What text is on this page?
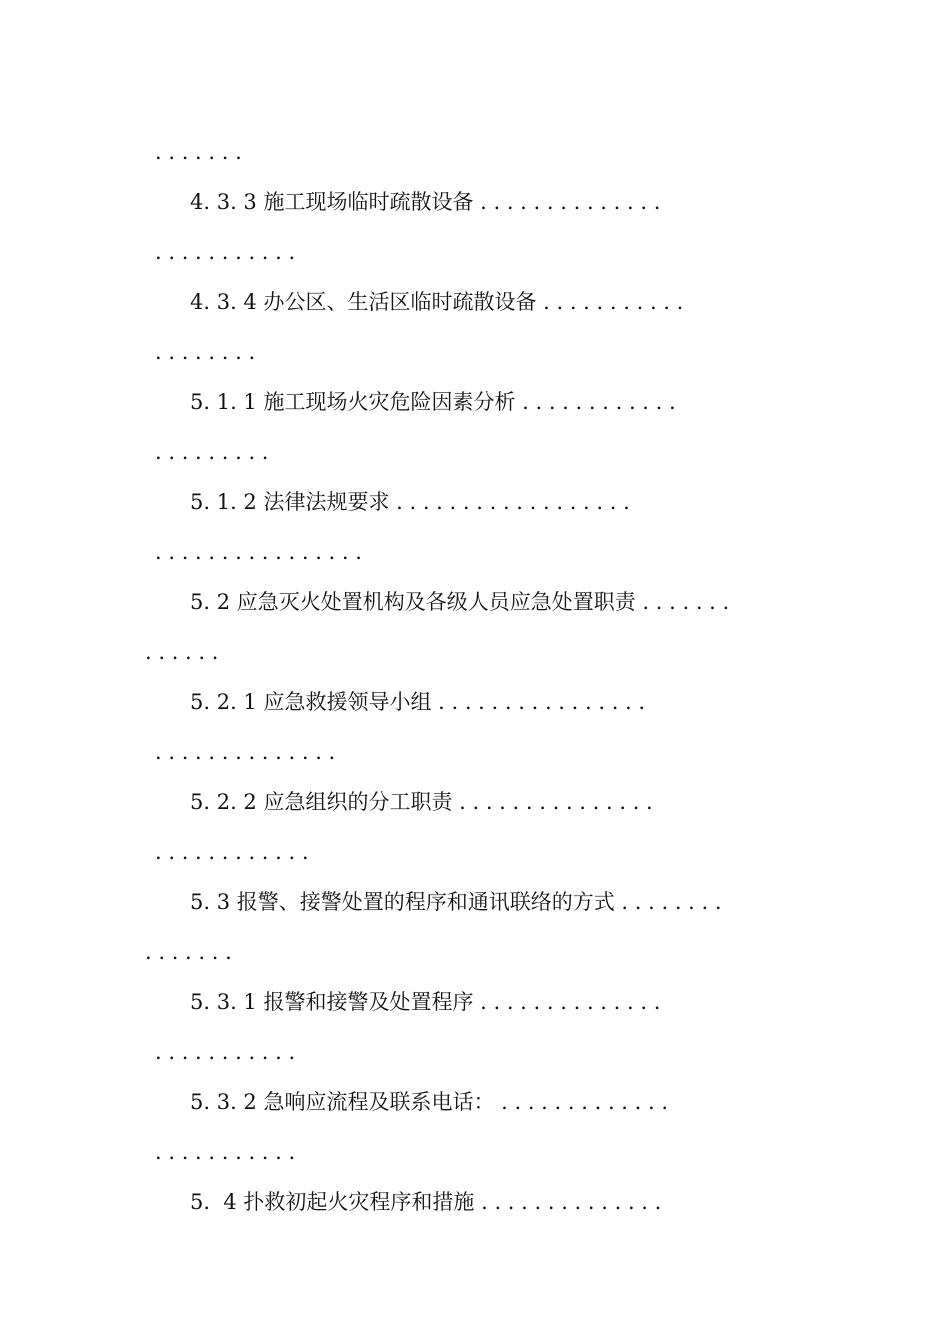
. . . . . . .
4. 3. 3 施工现场临时疏散设备 . . . . . . . . . . . . . .
. . . . . . . . . . .
4. 3. 4 办公区、生活区临时疏散设备 . . . . . . . . . . .
. . . . . . . .
5. 1. 1 施工现场火灾危险因素分析 . . . . . . . . . . . .
. . . . . . . . .
5. 1. 2 法律法规要求 . . . . . . . . . . . . . . . . . .
. . . . . . . . . . . . . . . .
5. 2 应急灭火处置机构及各级人员应急处置职责 . . . . . . .
. . . . . .
5. 2. 1 应急救援领导小组 . . . . . . . . . . . . . . . .
. . . . . . . . . . . . . .
5. 2. 2 应急组织的分工职责 . . . . . . . . . . . . . . .
. . . . . . . . . . . .
5. 3 报警、接警处置的程序和通讯联络的方式 . . . . . . . .
. . . . . . .
5. 3. 1 报警和接警及处置程序 . . . . . . . . . . . . . .
. . . . . . . . . . .
5. 3. 2 急响应流程及联系电话： . . . . . . . . . . . . .
. . . . . . . . . . .
5.  4 扑救初起火灾程序和措施 . . . . . . . . . . . . . .
